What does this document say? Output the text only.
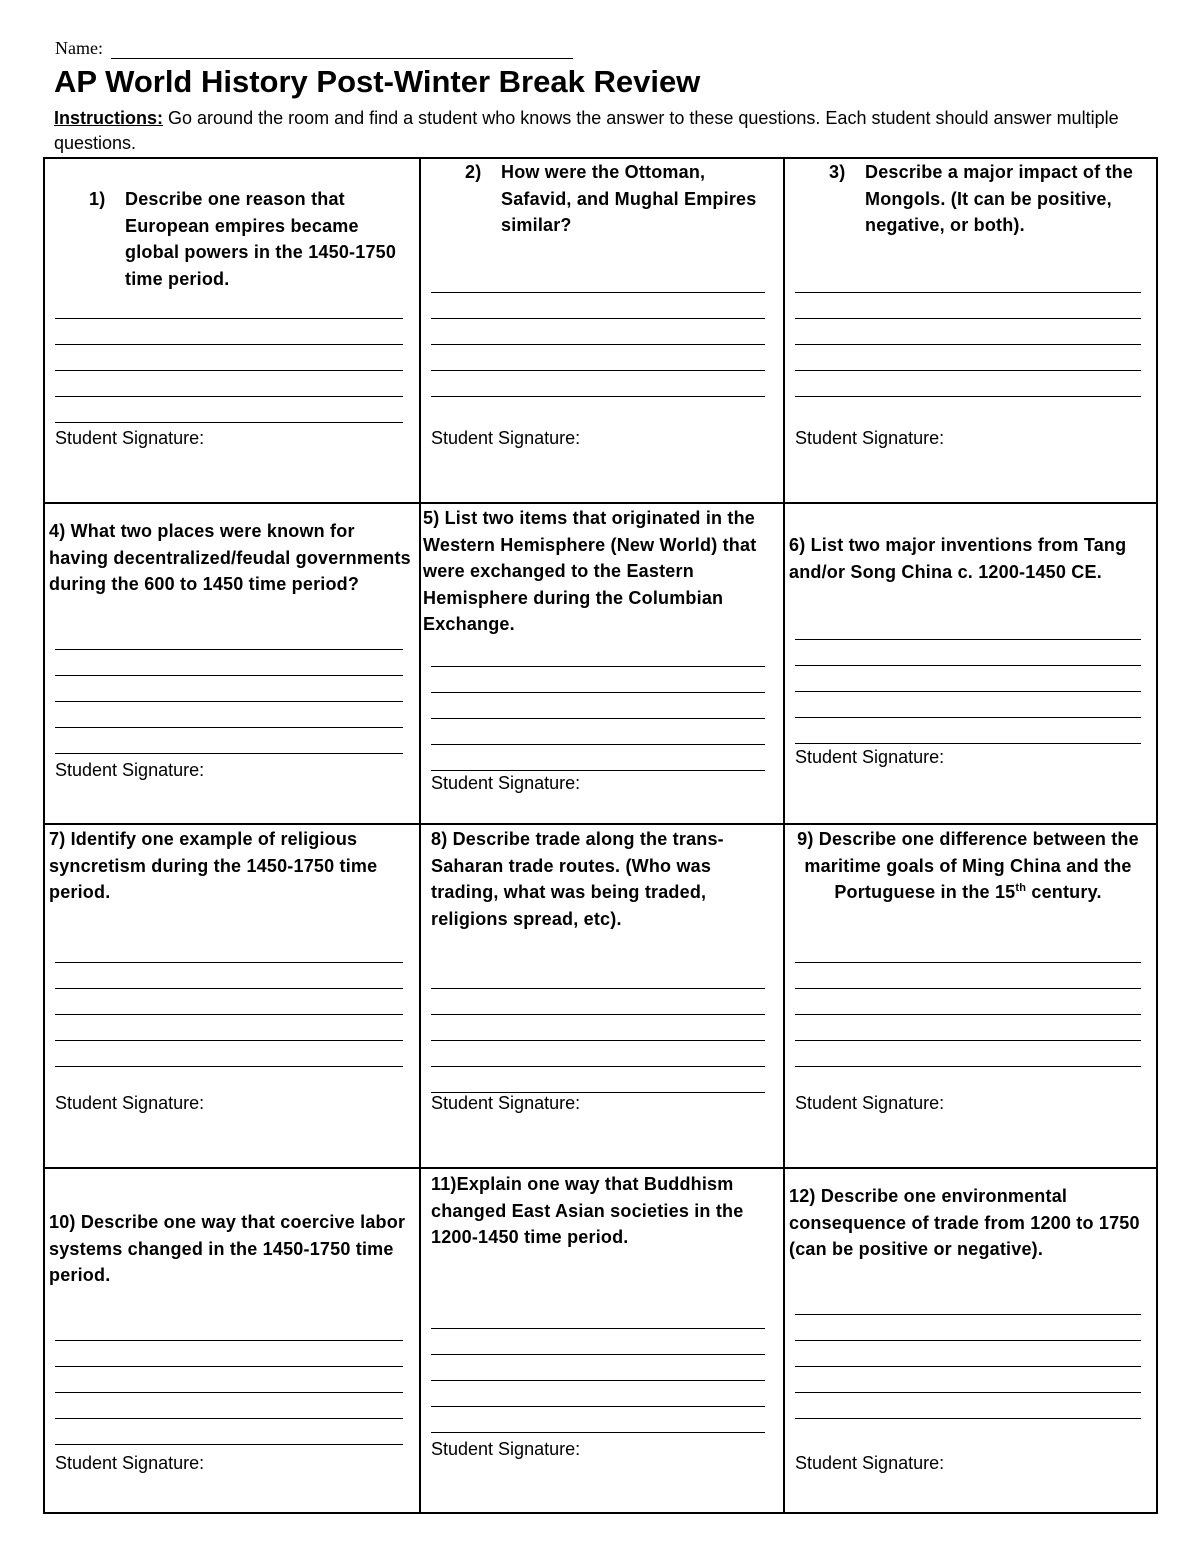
Name:
AP World History Post-Winter Break Review

Instructions: Go around the room and find a student who knows the answer to these questions. Each student should answer multiple questions.

1)	Describe one reason that European empires became global powers in the 1450-1750 time period.
Student Signature:
2)	How were the Ottoman, Safavid, and Mughal Empires similar?
Student Signature:
3)	Describe a major impact of the Mongols. (It can be positive, negative, or both).
Student Signature:
4) What two places were known for having decentralized/feudal governments during the 600 to 1450 time period?
Student Signature:
5) List two items that originated in the Western Hemisphere (New World) that were exchanged to the Eastern Hemisphere during the Columbian Exchange.
Student Signature:
6) List two major inventions from Tang and/or Song China c. 1200-1450 CE.
Student Signature:
7) Identify one example of religious syncretism during the 1450-1750 time period.
Student Signature:
8) Describe trade along the trans-Saharan trade routes. (Who was trading, what was being traded, religions spread, etc).
Student Signature:
9) Describe one difference between the maritime goals of Ming China and the Portuguese in the 15th century.
Student Signature:
10) Describe one way that coercive labor systems changed in the 1450-1750 time period.
Student Signature:
11)Explain one way that Buddhism changed East Asian societies in the 1200-1450 time period.
Student Signature:
12) Describe one environmental consequence of trade from 1200 to 1750 (can be positive or negative).
Student Signature:
